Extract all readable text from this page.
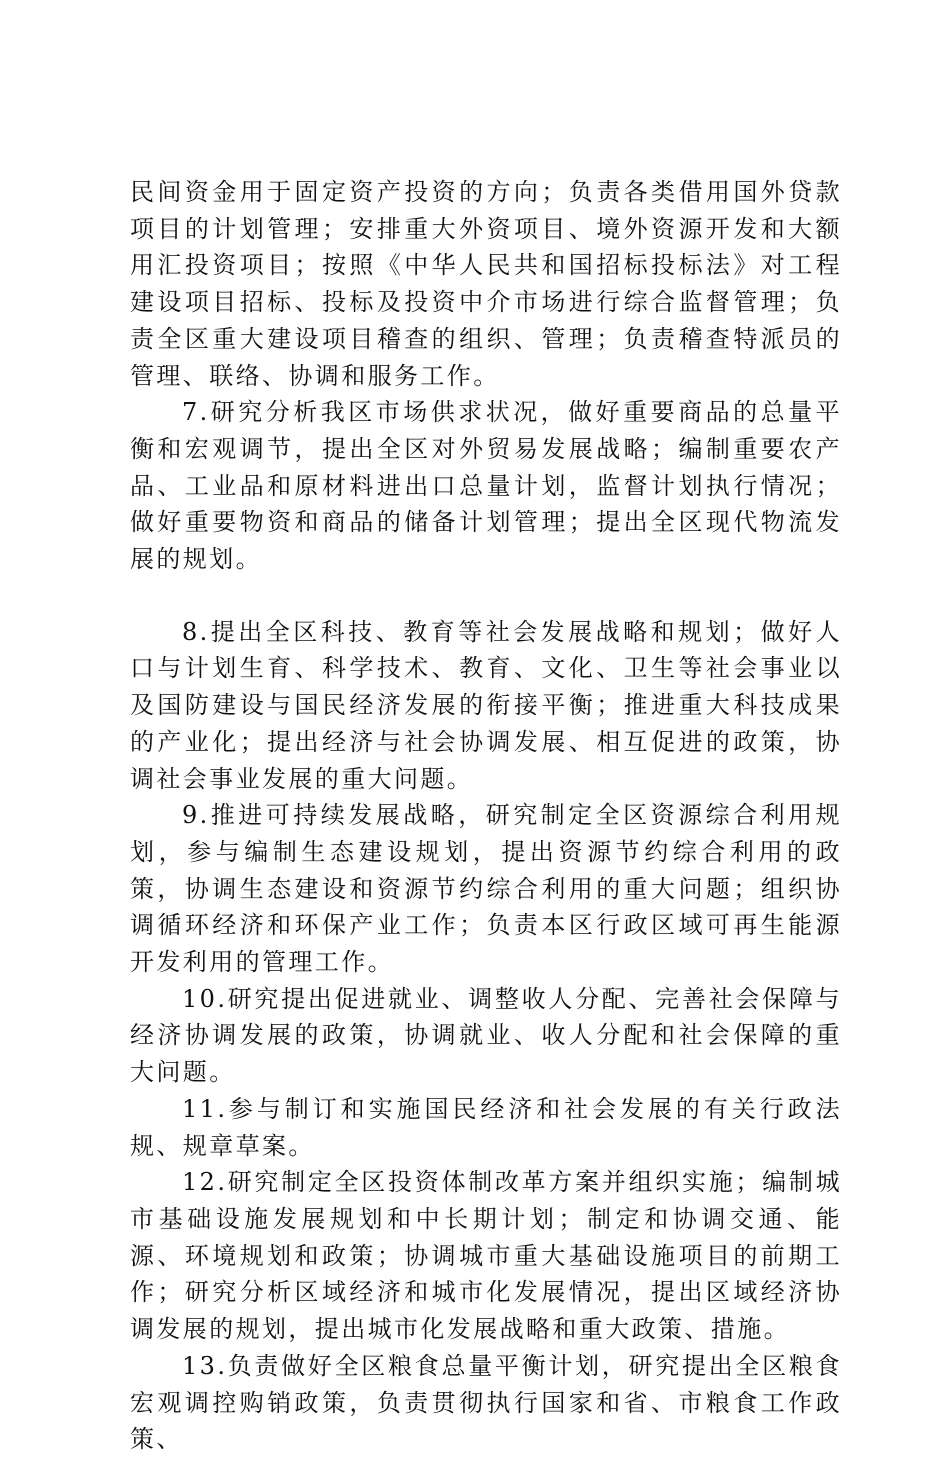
民间资金用于固定资产投资的方向；负责各类借用国外贷款项目的计划管理；安排重大外资项目、境外资源开发和大额用汇投资项目；按照《中华人民共和国招标投标法》对工程建设项目招标、投标及投资中介市场进行综合监督管理；负责全区重大建设项目稽查的组织、管理；负责稽查特派员的管理、联络、协调和服务工作。

7.研究分析我区市场供求状况，做好重要商品的总量平衡和宏观调节，提出全区对外贸易发展战略；编制重要农产品、工业品和原材料进出口总量计划，监督计划执行情况；做好重要物资和商品的储备计划管理；提出全区现代物流发展的规划。

8.提出全区科技、教育等社会发展战略和规划；做好人口与计划生育、科学技术、教育、文化、卫生等社会事业以及国防建设与国民经济发展的衔接平衡；推进重大科技成果的产业化；提出经济与社会协调发展、相互促进的政策，协调社会事业发展的重大问题。

9.推进可持续发展战略，研究制定全区资源综合利用规划，参与编制生态建设规划，提出资源节约综合利用的政策，协调生态建设和资源节约综合利用的重大问题；组织协调循环经济和环保产业工作；负责本区行政区域可再生能源开发利用的管理工作。

10.研究提出促进就业、调整收人分配、完善社会保障与经济协调发展的政策，协调就业、收人分配和社会保障的重大问题。

11.参与制订和实施国民经济和社会发展的有关行政法规、规章草案。

12.研究制定全区投资体制改革方案并组织实施；编制城市基础设施发展规划和中长期计划；制定和协调交通、能源、环境规划和政策；协调城市重大基础设施项目的前期工作；研究分析区域经济和城市化发展情况，提出区域经济协调发展的规划，提出城市化发展战略和重大政策、措施。

13.负责做好全区粮食总量平衡计划，研究提出全区粮食宏观调控购销政策，负责贯彻执行国家和省、市粮食工作政策、
